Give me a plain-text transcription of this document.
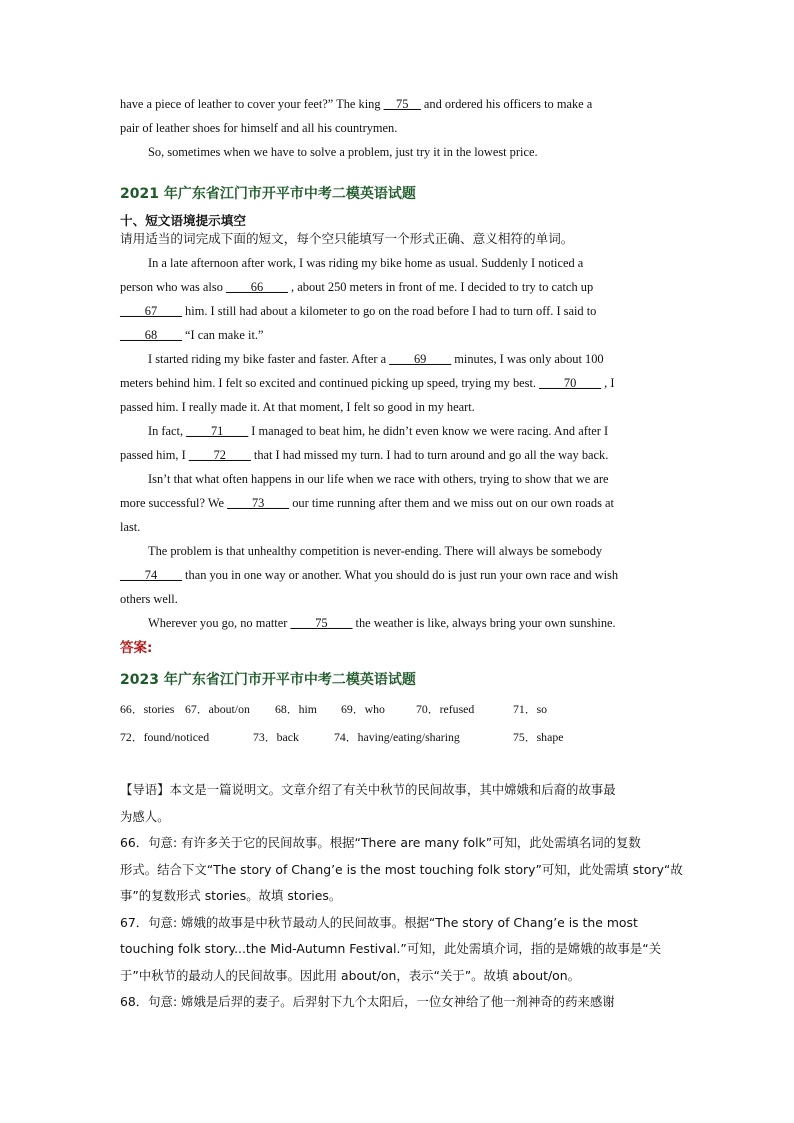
have a piece of leather to cover your feet?” The king __75__ and ordered his officers to make a

pair of leather shoes for himself and all his countrymen.

So, sometimes when we have to solve a problem, just try it in the lowest price.

2021 年广东省江门市开平市中考二模英语试题

十、短文语境提示填空

请用适当的词完成下面的短文，每个空只能填写一个形式正确、意义相符的单词。

In a late afternoon after work, I was riding my bike home as usual. Suddenly I noticed a

person who was also ____66____ , about 250 meters in front of me. I decided to try to catch up

____67____ him. I still had about a kilometer to go on the road before I had to turn off. I said to

____68____ “I can make it.”

I started riding my bike faster and faster. After a ____69____ minutes, I was only about 100

meters behind him. I felt so excited and continued picking up speed, trying my best. ____70____ , I

passed him. I really made it. At that moment, I felt so good in my heart.

In fact, ____71____ I managed to beat him, he didn’t even know we were racing. And after I

passed him, I ____72____ that I had missed my turn. I had to turn around and go all the way back.

Isn’t that what often happens in our life when we race with others, trying to show that we are

more successful? We ____73____ our time running after them and we miss out on our own roads at

last.

The problem is that unhealthy competition is never-ending. There will always be somebody

____74____ than you in one way or another. What you should do is just run your own race and wish

others well.

Wherever you go, no matter ____75____ the weather is like, always bring your own sunshine.

答案:

2023 年广东省江门市开平市中考二模英语试题

66．stories 67．about/on	68．him	69．who	70．refused	71．so
72．found/noticed	73．back	74．having/eating/sharing	75．shape

【导语】本文是一篇说明文。文章介绍了有关中秋节的民间故事，其中嫦娥和后裔的故事最

为感人。

66．句意: 有许多关于它的民间故事。根据“There are many folk”可知，此处需填名词的复数

形式。结合下文“The story of Chang’e is the most touching folk story”可知，此处需填 story“故

事”的复数形式 stories。故填 stories。

67．句意: 嫦娥的故事是中秋节最动人的民间故事。根据“The story of Chang’e is the most

touching folk story...the Mid-Autumn Festival.”可知，此处需填介词，指的是嫦娥的故事是“关

于”中秋节的最动人的民间故事。因此用 about/on，表示“关于”。故填 about/on。

68．句意: 嫦娥是后羿的妻子。后羿射下九个太阳后，一位女神给了他一剂神奇的药来感谢
